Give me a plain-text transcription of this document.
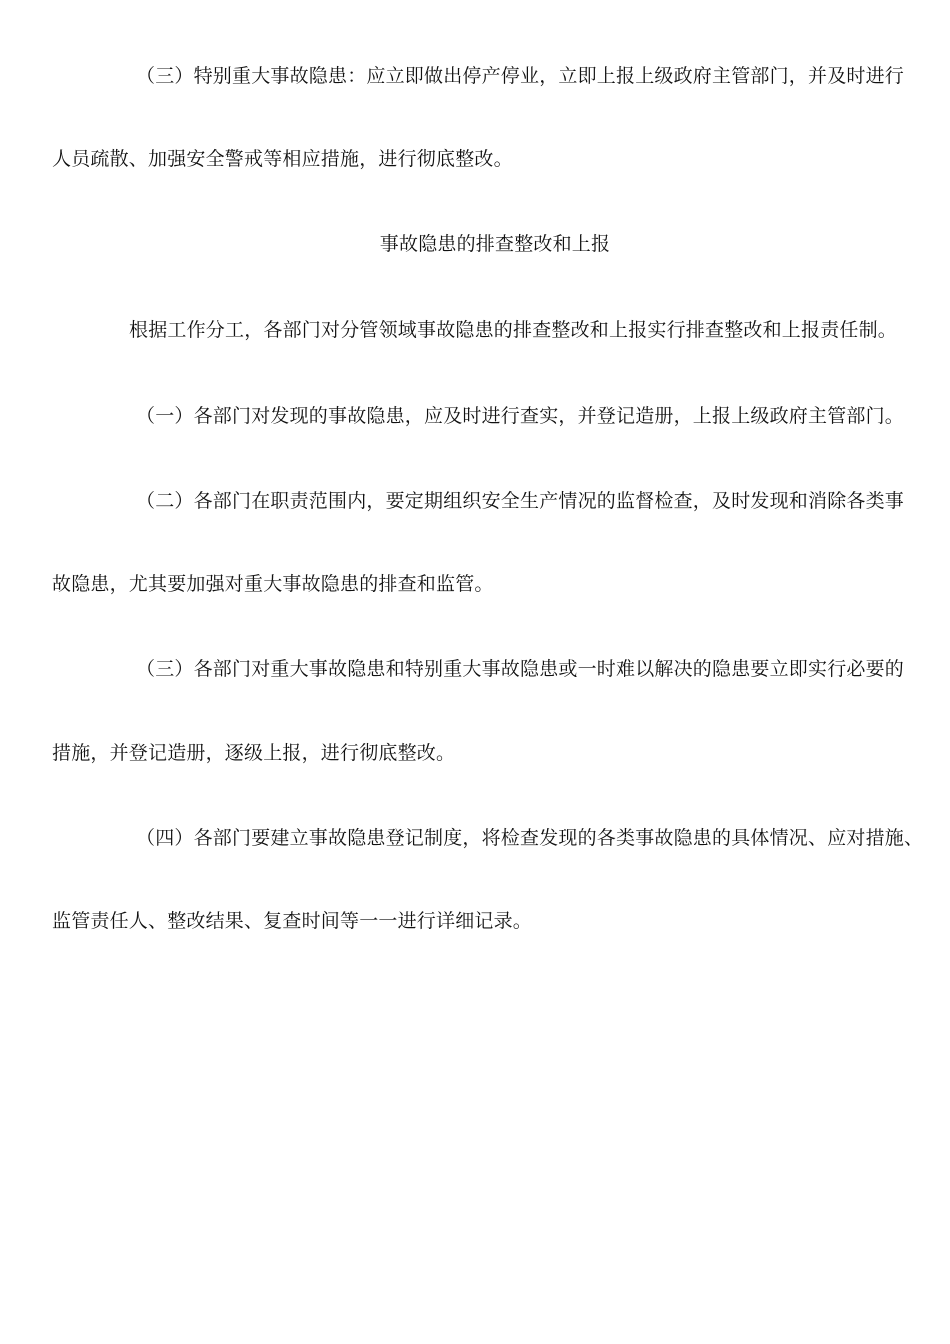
（三）特别重大事故隐患：应立即做出停产停业，立即上报上级政府主管部门，并及时进行
人员疏散、加强安全警戒等相应措施，进行彻底整改。
事故隐患的排查整改和上报
根据工作分工，各部门对分管领域事故隐患的排查整改和上报实行排查整改和上报责任制。
（一）各部门对发现的事故隐患，应及时进行查实，并登记造册，上报上级政府主管部门。
（二）各部门在职责范围内，要定期组织安全生产情况的监督检查，及时发现和消除各类事
故隐患，尤其要加强对重大事故隐患的排查和监管。
（三）各部门对重大事故隐患和特别重大事故隐患或一时难以解决的隐患要立即实行必要的
措施，并登记造册，逐级上报，进行彻底整改。
（四）各部门要建立事故隐患登记制度，将检查发现的各类事故隐患的具体情况、应对措施、
监管责任人、整改结果、复查时间等一一进行详细记录。
